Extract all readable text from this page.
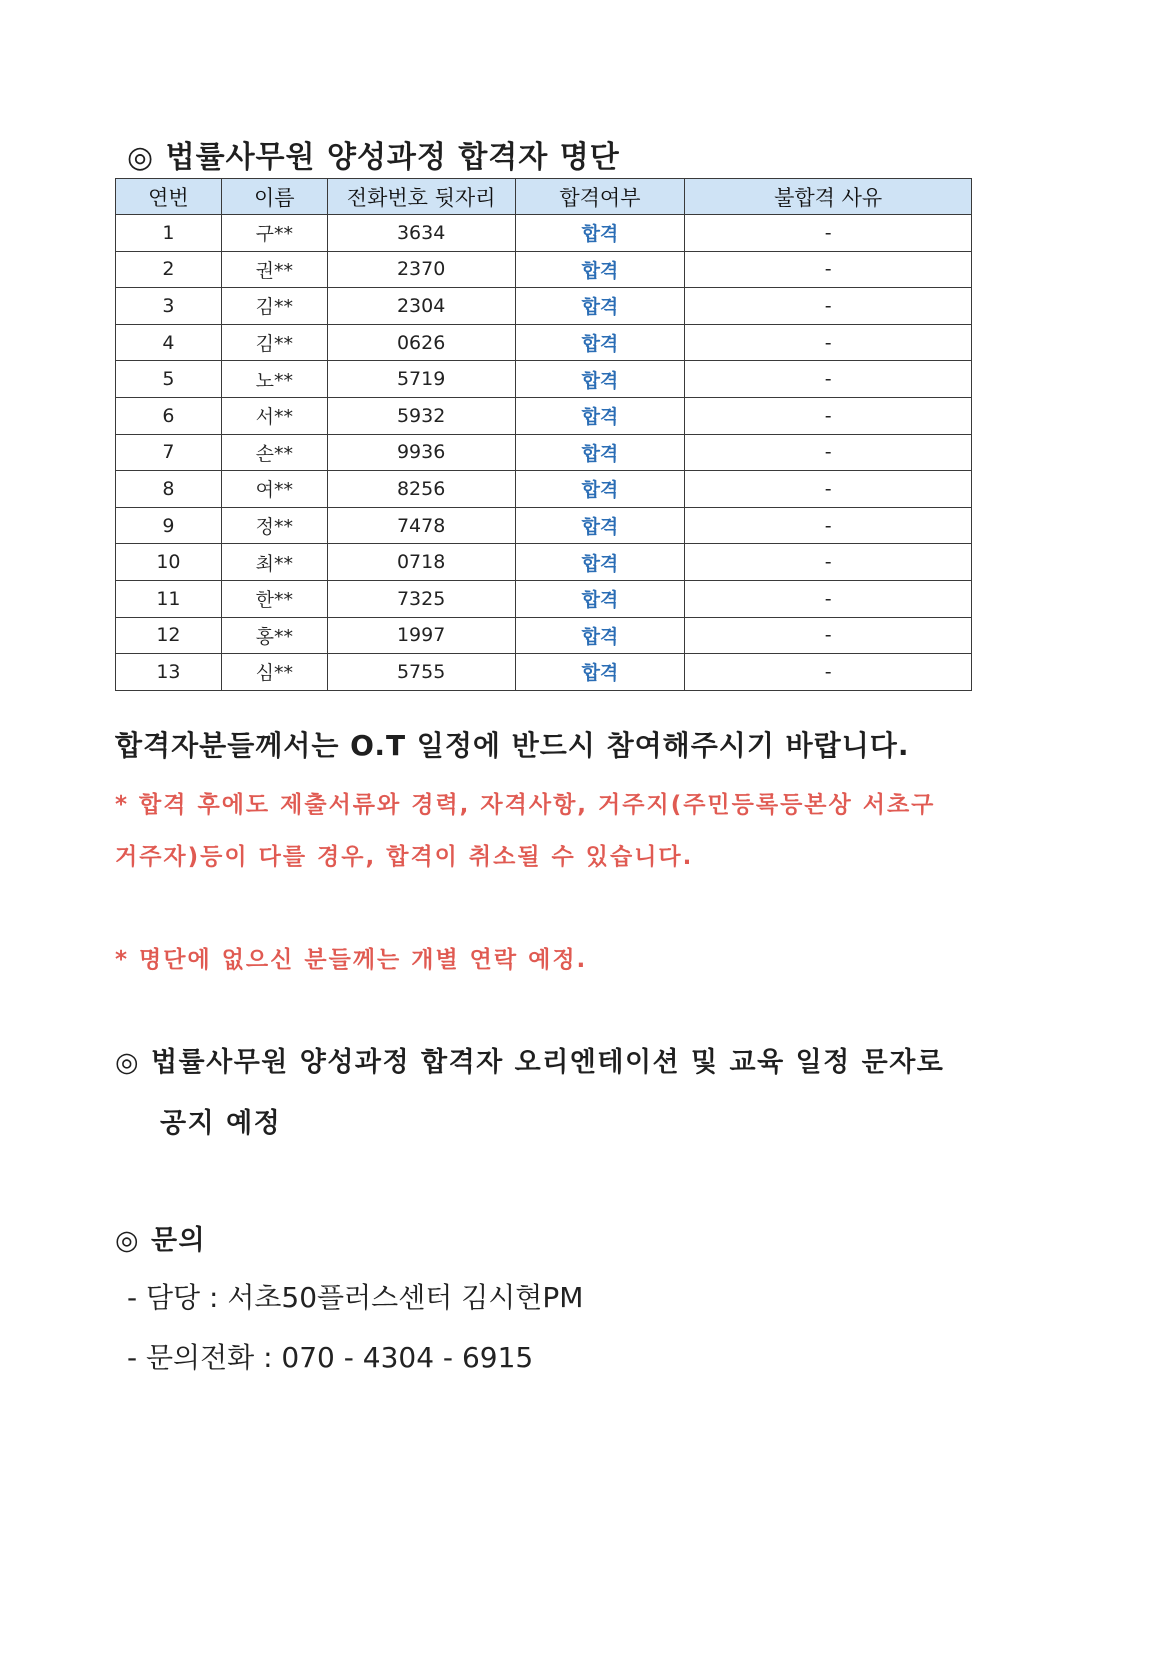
◎ 법률사무원 양성과정 합격자 명단
연번	이름	전화번호 뒷자리	합격여부	불합격 사유
1	구**	3634	합격	-
2	권**	2370	합격	-
3	김**	2304	합격	-
4	김**	0626	합격	-
5	노**	5719	합격	-
6	서**	5932	합격	-
7	손**	9936	합격	-
8	여**	8256	합격	-
9	정**	7478	합격	-
10	최**	0718	합격	-
11	한**	7325	합격	-
12	홍**	1997	합격	-
13	심**	5755	합격	-
합격자분들께서는 O.T 일정에 반드시 참여해주시기 바랍니다.
* 합격 후에도 제출서류와 경력, 자격사항, 거주지(주민등록등본상 서초구
거주자)등이 다를 경우, 합격이 취소될 수 있습니다.
* 명단에 없으신 분들께는 개별 연락 예정.
◎ 법률사무원 양성과정 합격자 오리엔테이션 및 교육 일정 문자로
공지 예정
◎ 문의
- 담당 : 서초50플러스센터 김시현PM
- 문의전화 : 070 - 4304 - 6915
